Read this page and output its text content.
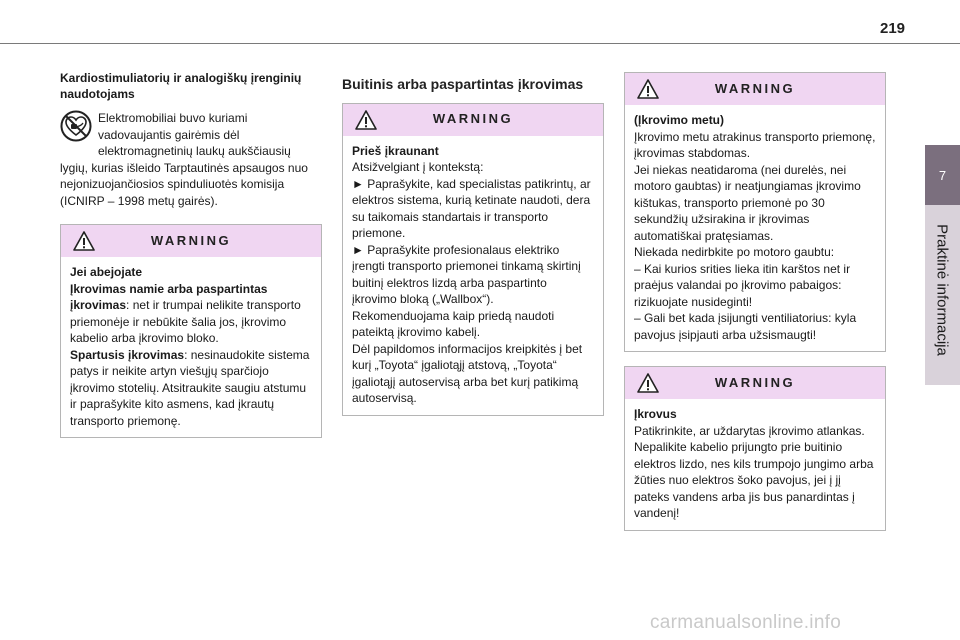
219
7
Praktinė informacija
Kardiostimuliatorių ir analogiškų įrenginių naudotojams
Elektromobiliai buvo kuriami vadovaujantis gairėmis dėl elektromagnetinių laukų aukščiausių lygių, kurias išleido Tarptautinės apsaugos nuo nejonizuojančiosios spinduliuotės komisija (ICNIRP – 1998 metų gairės).
WARNING

Jei abejojate

Įkrovimas namie arba paspartintas įkrovimas: net ir trumpai nelikite transporto priemonėje ir nebūkite šalia jos, įkrovimo kabelio arba įkrovimo bloko.

Spartusis įkrovimas: nesinaudokite sistema patys ir neikite artyn viešųjų sparčiojo įkrovimo stotelių. Atsitraukite saugiu atstumu ir paprašykite kito asmens, kad įkrautų transporto priemonę.

Buitinis arba paspartintas įkrovimas
WARNING

Prieš įkraunant

Atsižvelgiant į kontekstą:

► Paprašykite, kad specialistas patikrintų, ar elektros sistema, kurią ketinate naudoti, dera su taikomais standartais ir transporto priemone.

► Paprašykite profesionalaus elektriko įrengti transporto priemonei tinkamą skirtinį buitinį elektros lizdą arba paspartinto įkrovimo bloką („Wallbox“).

Rekomenduojama kaip priedą naudoti pateiktą įkrovimo kabelį.

Dėl papildomos informacijos kreipkitės į bet kurį „Toyota“ įgaliotąjį atstovą, „Toyota“ įgaliotąjį autoservisą arba bet kurį patikimą autoservisą.

WARNING

(Įkrovimo metu)

Įkrovimo metu atrakinus transporto priemonę, įkrovimas stabdomas.

Jei niekas neatidaroma (nei durelės, nei motoro gaubtas) ir neatjungiamas įkrovimo kištukas, transporto priemonė po 30 sekundžių užsirakina ir įkrovimas automatiškai pratęsiamas.

Niekada nedirbkite po motoro gaubtu:

– Kai kurios srities lieka itin karštos net ir praėjus valandai po įkrovimo pabaigos: rizikuojate nusideginti!

– Gali bet kada įsijungti ventiliatorius: kyla pavojus įsipjauti arba užsismaugti!

WARNING

Įkrovus

Patikrinkite, ar uždarytas įkrovimo atlankas.

Nepalikite kabelio prijungto prie buitinio elektros lizdo, nes kils trumpojo jungimo arba žūties nuo elektros šoko pavojus, jei į jį pateks vandens arba jis bus panardintas į vandenį!

carmanualsonline.info
